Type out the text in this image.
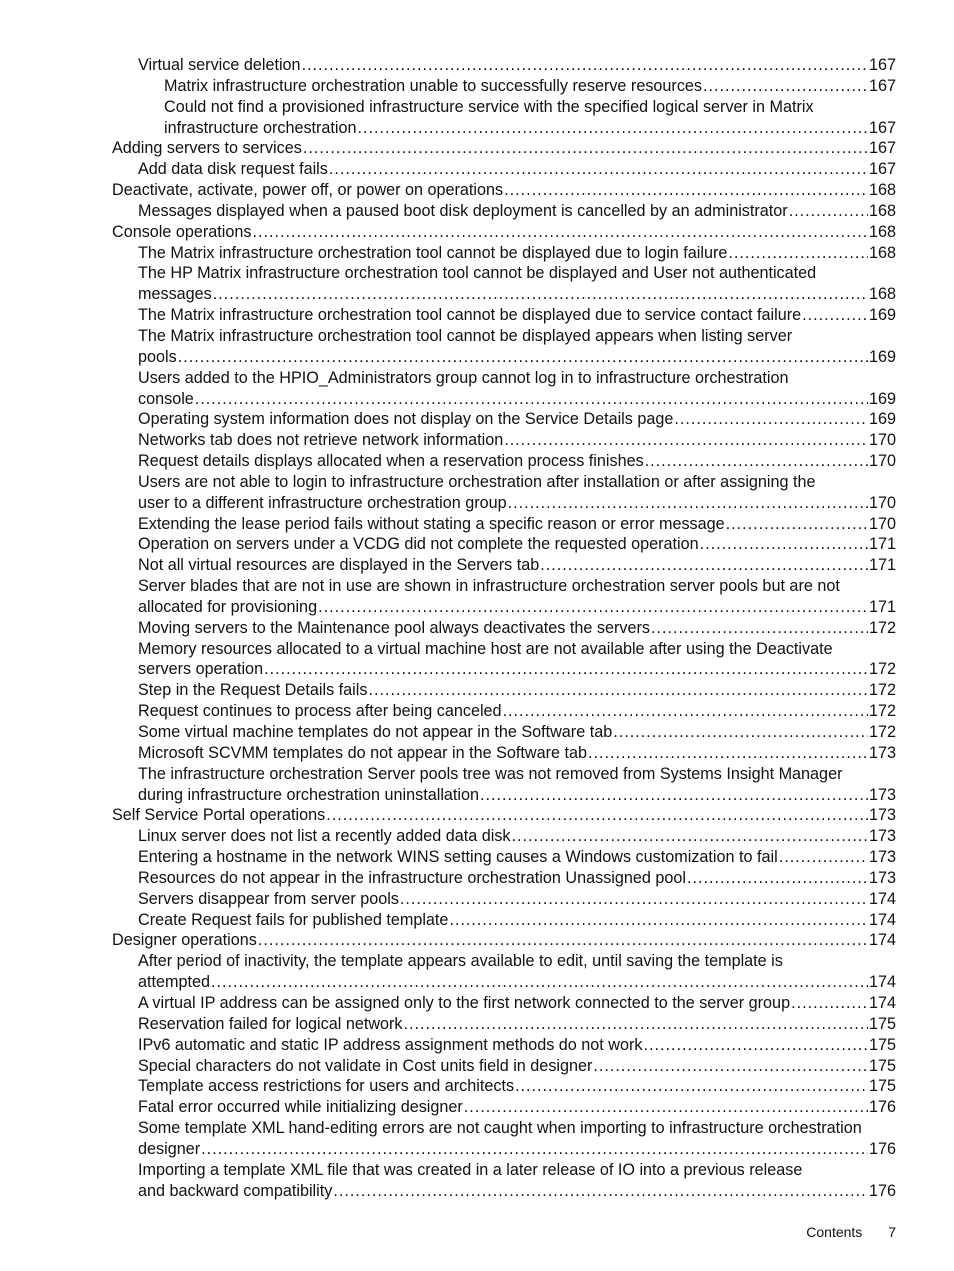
Virtual service deletion .....	167
Matrix infrastructure orchestration unable to successfully reserve resources .....	167
Could not find a provisioned infrastructure service with the specified logical server in Matrix
infrastructure orchestration .....	167
Adding servers to services .....	167
Add data disk request fails .....	167
Deactivate, activate, power off, or power on operations .....	168
Messages displayed when a paused boot disk deployment is cancelled by an administrator .....	168
Console operations .....	168
The Matrix infrastructure orchestration tool cannot be displayed due to login failure .....	168
The HP Matrix infrastructure orchestration tool cannot be displayed and User not authenticated
messages .....	168
The Matrix infrastructure orchestration tool cannot be displayed due to service contact failure .....	169
The Matrix infrastructure orchestration tool cannot be displayed appears when listing server
pools .....	169
Users added to the HPIO_Administrators group cannot log in to infrastructure orchestration
console .....	169
Operating system information does not display on the Service Details page .....	169
Networks tab does not retrieve network information .....	170
Request details displays allocated when a reservation process finishes .....	170
Users are not able to login to infrastructure orchestration after installation or after assigning the
user to a different infrastructure orchestration group .....	170
Extending the lease period fails without stating a specific reason or error message .....	170
Operation on servers under a VCDG did not complete the requested operation .....	171
Not all virtual resources are displayed in the Servers tab .....	171
Server blades that are not in use are shown in infrastructure orchestration server pools but are not
allocated for provisioning .....	171
Moving servers to the Maintenance pool always deactivates the servers .....	172
Memory resources allocated to a virtual machine host are not available after using the Deactivate
servers operation .....	172
Step in the Request Details fails .....	172
Request continues to process after being canceled .....	172
Some virtual machine templates do not appear in the Software tab .....	172
Microsoft SCVMM templates do not appear in the Software tab .....	173
The infrastructure orchestration Server pools tree was not removed from Systems Insight Manager
during infrastructure orchestration uninstallation .....	173
Self Service Portal operations .....	173
Linux server does not list a recently added data disk .....	173
Entering a hostname in the network WINS setting causes a Windows customization to fail .....	173
Resources do not appear in the infrastructure orchestration Unassigned pool .....	173
Servers disappear from server pools .....	174
Create Request fails for published template .....	174
Designer operations .....	174
After period of inactivity, the template appears available to edit, until saving the template is
attempted .....	174
A virtual IP address can be assigned only to the first network connected to the server group .....	174
Reservation failed for logical network .....	175
IPv6 automatic and static IP address assignment methods do not work .....	175
Special characters do not validate in Cost units field in designer .....	175
Template access restrictions for users and architects .....	175
Fatal error occurred while initializing designer .....	176
Some template XML hand-editing errors are not caught when importing to infrastructure orchestration
designer .....	176
Importing a template XML file that was created in a later release of IO into a previous release
and backward compatibility .....	176
Contents 7
